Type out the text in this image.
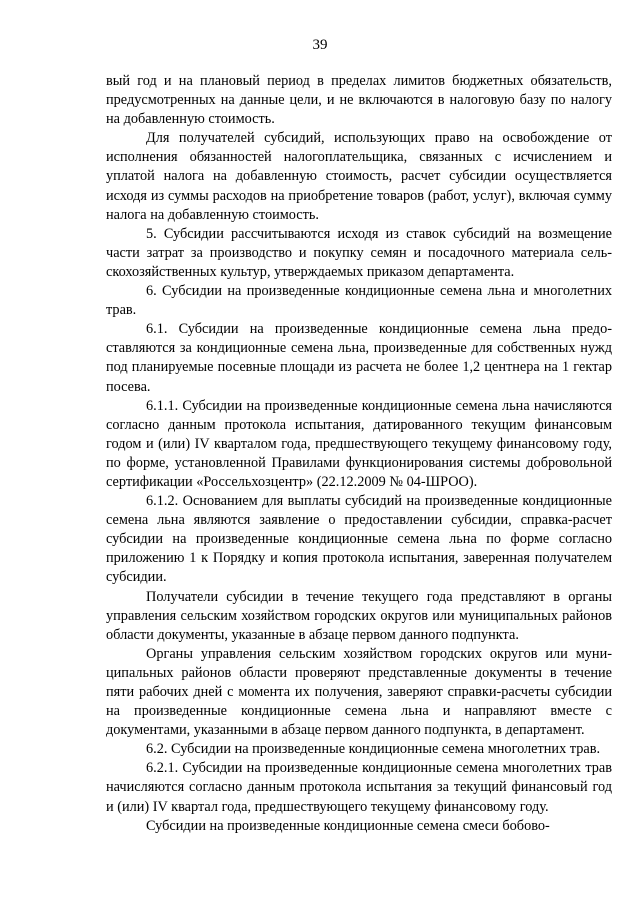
39

вый год и на плановый период в пределах лимитов бюджетных обязательств, предусмотренных на данные цели, и не включаются в налоговую базу по налогу на добавленную стоимость.

Для получателей субсидий, использующих право на освобождение от исполнения обязанностей налогоплательщика, связанных с исчислением и уплатой налога на добавленную стоимость, расчет субсидии осуществляется исходя из суммы расходов на приобретение товаров (работ, услуг), включая сумму налога на добавленную стоимость.

5. Субсидии рассчитываются исходя из ставок субсидий на возмещение части затрат за производство и покупку семян и посадочного материала сельскохозяйственных культур, утверждаемых приказом департамента.

6. Субсидии на произведенные кондиционные семена льна и многолетних трав.

6.1. Субсидии на произведенные кондиционные семена льна предоставляются за кондиционные семена льна, произведенные для собственных нужд под планируемые посевные площади из расчета не более 1,2 центнера на 1 гектар посева.

6.1.1. Субсидии на произведенные кондиционные семена льна начисляются согласно данным протокола испытания, датированного текущим финансовым годом и (или) IV кварталом года, предшествующего текущему финансовому году, по форме, установленной Правилами функционирования системы добровольной сертификации «Россельхозцентр» (22.12.2009 № 04-ШРОО).

6.1.2. Основанием для выплаты субсидий на произведенные кондиционные семена льна являются заявление о предоставлении субсидии, справка-расчет субсидии на произведенные кондиционные семена льна по форме согласно приложению 1 к Порядку и копия протокола испытания, заверенная получателем субсидии.

Получатели субсидии в течение текущего года представляют в органы управления сельским хозяйством городских округов или муниципальных районов области документы, указанные в абзаце первом данного подпункта.

Органы управления сельским хозяйством городских округов или муниципальных районов области проверяют представленные документы в течение пяти рабочих дней с момента их получения, заверяют справки-расчеты субсидии на произведенные кондиционные семена льна и направляют вместе с документами, указанными в абзаце первом данного подпункта, в департамент.

6.2. Субсидии на произведенные кондиционные семена многолетних трав.

6.2.1. Субсидии на произведенные кондиционные семена многолетних трав начисляются согласно данным протокола испытания за текущий финансовый год и (или) IV квартал года, предшествующего текущему финансовому году.

Субсидии на произведенные кондиционные семена смеси бобово-
